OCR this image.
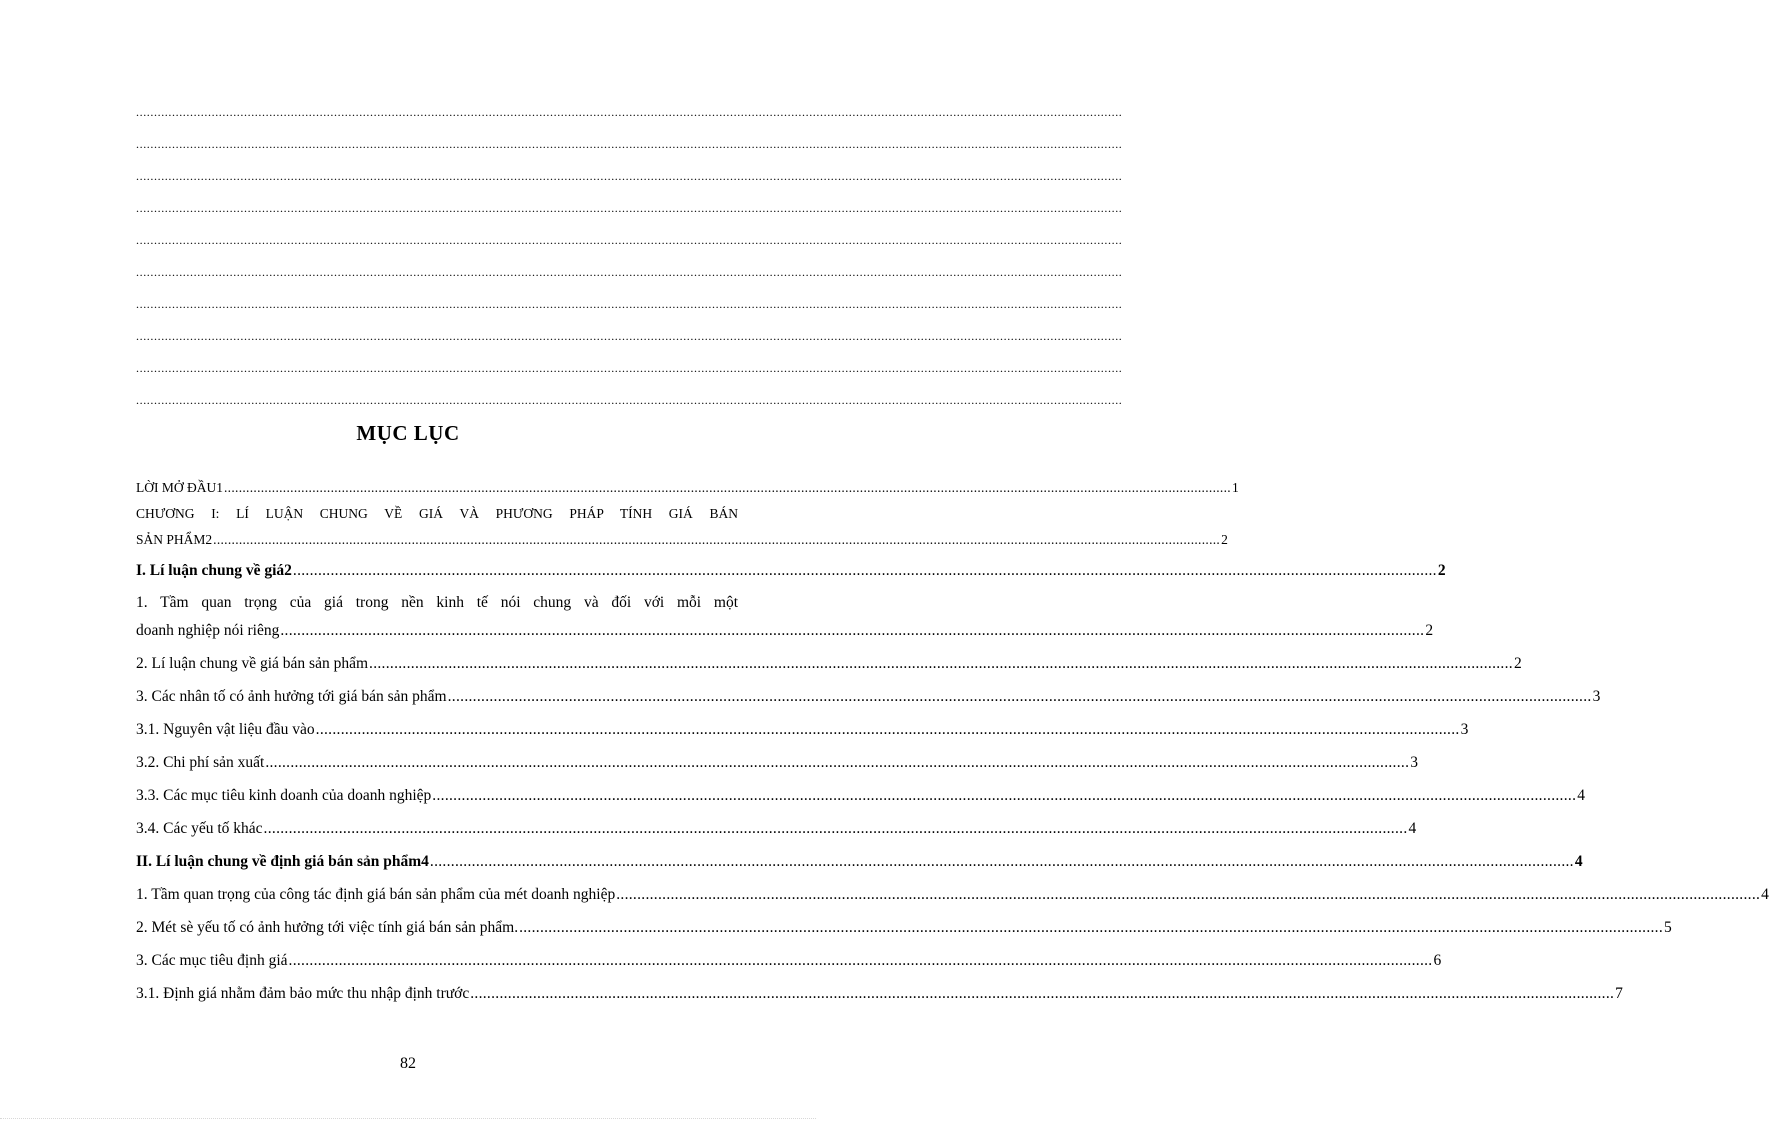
..................................................................................................................................................................................................................................................................................
..................................................................................................................................................................................................................................................................................
..................................................................................................................................................................................................................................................................................
..................................................................................................................................................................................................................................................................................
..................................................................................................................................................................................................................................................................................
..................................................................................................................................................................................................................................................................................
..................................................................................................................................................................................................................................................................................
..................................................................................................................................................................................................................................................................................
..................................................................................................................................................................................................................................................................................
..................................................................................................................................................................................................................................................................................
MỤC LỤC
LỜI MỞ ĐẦU1 .................................................................................................................................................................................................................................................................................. 1
CHƯƠNG I: LÍ LUẬN CHUNG VỀ GIÁ VÀ PHƯƠNG PHÁP TÍNH GIÁ BÁN
SẢN PHẨM2 .................................................................................................................................................................................................................................................................................. 2
I. Lí luận chung về giá2 .................................................................................................................................................................................................................................................................................. 2
1. Tầm quan trọng của giá trong nền kinh tế nói chung và đối với mỗi một
doanh nghiệp nói riêng .................................................................................................................................................................................................................................................................................. 2
2. Lí luận chung về giá bán sản phẩm .................................................................................................................................................................................................................................................................................. 2
3. Các nhân tố có ảnh hưởng tới giá bán sản phẩm .................................................................................................................................................................................................................................................................................. 3
3.1. Nguyên vật liệu đầu vào .................................................................................................................................................................................................................................................................................. 3
3.2. Chi phí sản xuất .................................................................................................................................................................................................................................................................................. 3
3.3. Các mục tiêu kinh doanh của doanh nghiệp .................................................................................................................................................................................................................................................................................. 4
3.4. Các yếu tố khác .................................................................................................................................................................................................................................................................................. 4
II. Lí luận chung về định giá bán sản phẩm4 .................................................................................................................................................................................................................................................................................. 4
1. Tầm quan trọng của công tác định giá bán sản phẩm của mét doanh nghiệp .................................................................................................................................................................................................................................................................................. 4
2. Mét sè yếu tố có ảnh hưởng tới việc tính giá bán sản phẩm. .................................................................................................................................................................................................................................................................................. 5
3. Các mục tiêu định giá .................................................................................................................................................................................................................................................................................. 6
3.1. Định giá nhằm đảm bảo mức thu nhập định trước .................................................................................................................................................................................................................................................................................. 7
82
